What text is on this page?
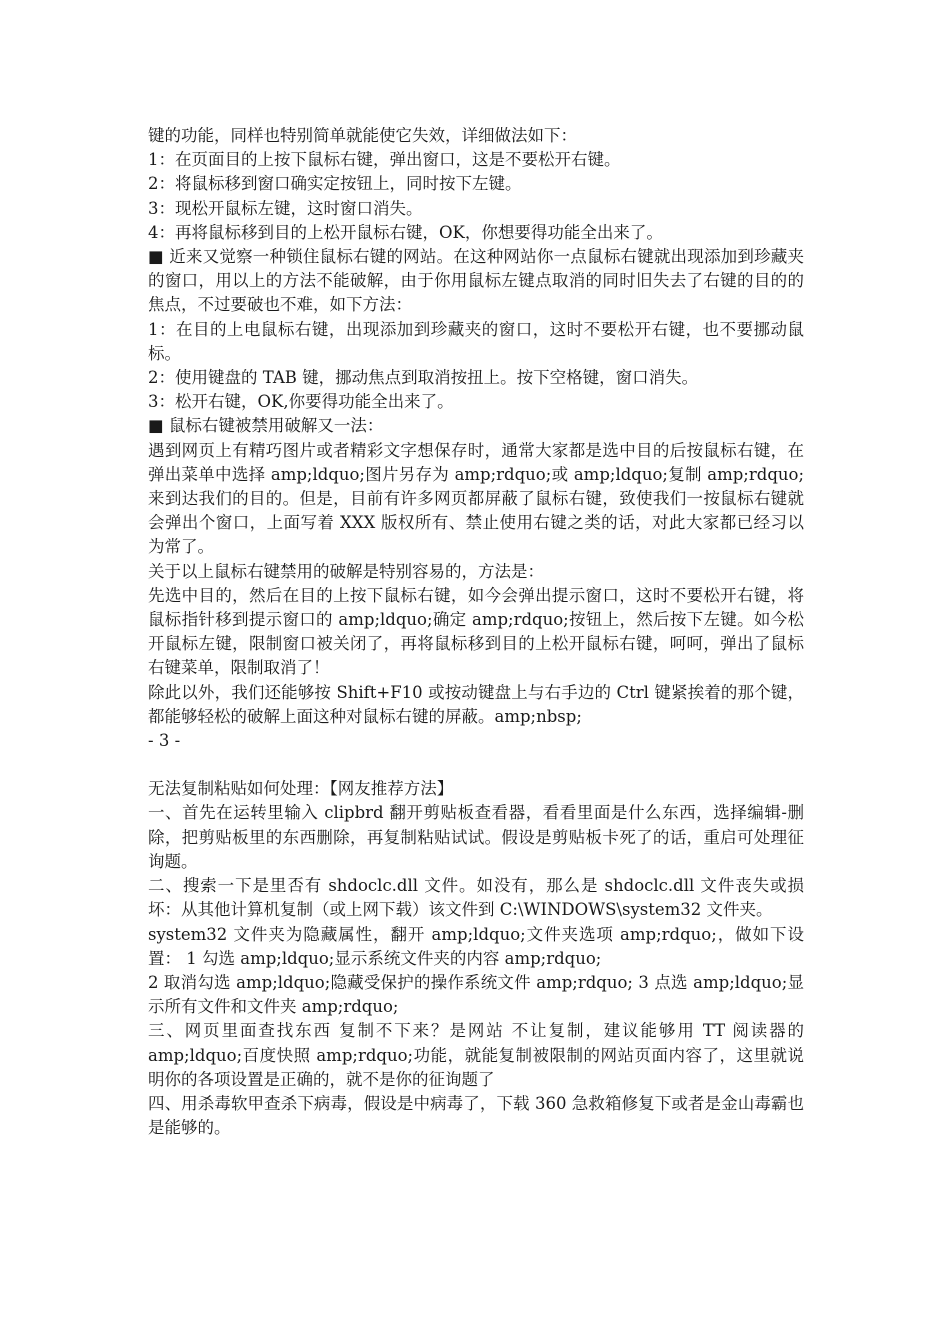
键的功能，同样也特别简单就能使它失效，详细做法如下：

1：在页面目的上按下鼠标右键，弹出窗口，这是不要松开右键。

2：将鼠标移到窗口确实定按钮上，同时按下左键。

3：现松开鼠标左键，这时窗口消失。

4：再将鼠标移到目的上松开鼠标右键，OK，你想要得功能全出来了。

■ 近来又觉察一种锁住鼠标右键的网站。在这种网站你一点鼠标右键就出现添加到珍藏夹的窗口，用以上的方法不能破解，由于你用鼠标左键点取消的同时旧失去了右键的目的的焦点，不过要破也不难，如下方法：

1：在目的上电鼠标右键，出现添加到珍藏夹的窗口，这时不要松开右键，也不要挪动鼠标。

2：使用键盘的 TAB 键，挪动焦点到取消按扭上。按下空格键，窗口消失。

3：松开右键，OK,你要得功能全出来了。

■ 鼠标右键被禁用破解又一法：

遇到网页上有精巧图片或者精彩文字想保存时，通常大家都是选中目的后按鼠标右键，在弹出菜单中选择 amp;ldquo;图片另存为 amp;rdquo;或 amp;ldquo;复制 amp;rdquo;来到达我们的目的。但是，目前有许多网页都屏蔽了鼠标右键，致使我们一按鼠标右键就会弹出个窗口，上面写着 XXX 版权所有、禁止使用右键之类的话，对此大家都已经习以为常了。

关于以上鼠标右键禁用的破解是特别容易的，方法是：

先选中目的，然后在目的上按下鼠标右键，如今会弹出提示窗口，这时不要松开右键，将鼠标指针移到提示窗口的 amp;ldquo;确定 amp;rdquo;按钮上，然后按下左键。如今松开鼠标左键，限制窗口被关闭了，再将鼠标移到目的上松开鼠标右键，呵呵，弹出了鼠标右键菜单，限制取消了！

除此以外，我们还能够按 Shift+F10 或按动键盘上与右手边的 Ctrl 键紧挨着的那个键，都能够轻松的破解上面这种对鼠标右键的屏蔽。amp;nbsp;

- 3 -

无法复制粘贴如何处理：【网友推荐方法】

一、首先在运转里输入 clipbrd 翻开剪贴板查看器，看看里面是什么东西，选择编辑-删除，把剪贴板里的东西删除，再复制粘贴试试。假设是剪贴板卡死了的话，重启可处理征询题。

二、搜索一下是里否有 shdoclc.dll 文件。如没有，那么是 shdoclc.dll 文件丧失或损坏：从其他计算机复制（或上网下载）该文件到 C:\WINDOWS\system32 文件夹。

system32 文件夹为隐藏属性，翻开 amp;ldquo;文件夹选项 amp;rdquo;，做如下设置： 1 勾选 amp;ldquo;显示系统文件夹的内容 amp;rdquo;

2 取消勾选 amp;ldquo;隐藏受保护的操作系统文件 amp;rdquo; 3 点选 amp;ldquo;显示所有文件和文件夹 amp;rdquo;

三、网页里面查找东西 复制不下来？是网站 不让复制，建议能够用 TT 阅读器的 amp;ldquo;百度快照 amp;rdquo;功能，就能复制被限制的网站页面内容了，这里就说明你的各项设置是正确的，就不是你的征询题了

四、用杀毒软甲查杀下病毒，假设是中病毒了，下载 360 急救箱修复下或者是金山毒霸也是能够的。
